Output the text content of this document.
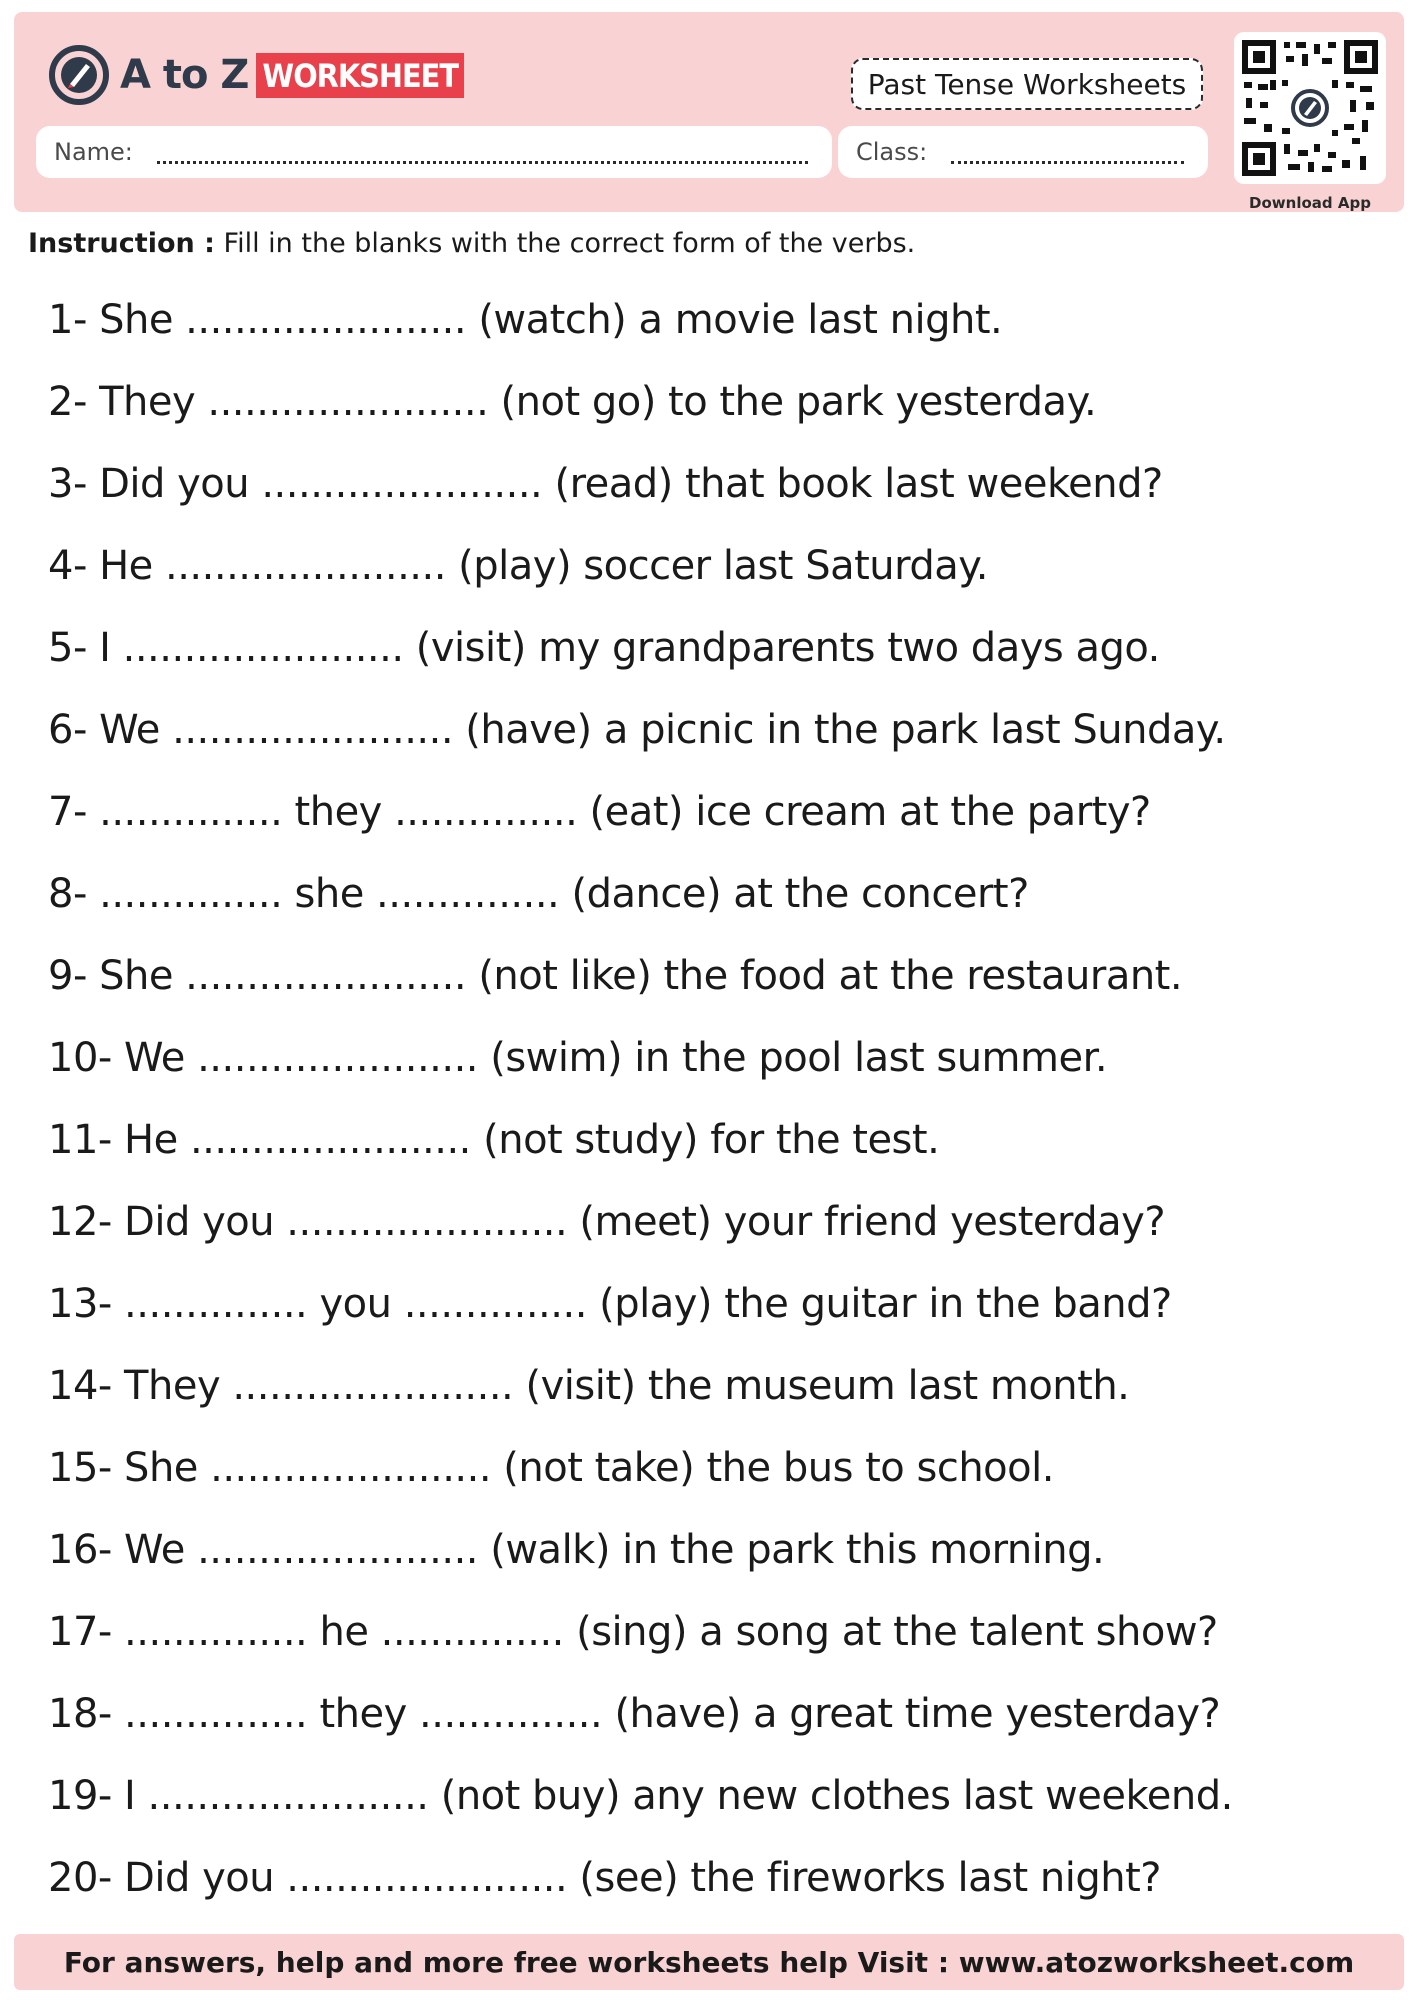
A to Z WORKSHEET	Past Tense Worksheets
Name:	Class:
Download App
Instruction : Fill in the blanks with the correct form of the verbs.
1- She ....................... (watch) a movie last night.
2- They ....................... (not go) to the park yesterday.
3- Did you ....................... (read) that book last weekend?
4- He ....................... (play) soccer last Saturday.
5- I ....................... (visit) my grandparents two days ago.
6- We ....................... (have) a picnic in the park last Sunday.
7- ............... they ............... (eat) ice cream at the party?
8- ............... she ............... (dance) at the concert?
9- She ....................... (not like) the food at the restaurant.
10- We ....................... (swim) in the pool last summer.
11- He ....................... (not study) for the test.
12- Did you ....................... (meet) your friend yesterday?
13- ............... you ............... (play) the guitar in the band?
14- They ....................... (visit) the museum last month.
15- She ....................... (not take) the bus to school.
16- We ....................... (walk) in the park this morning.
17- ............... he ............... (sing) a song at the talent show?
18- ............... they ............... (have) a great time yesterday?
19- I ....................... (not buy) any new clothes last weekend.
20- Did you ....................... (see) the fireworks last night?
For answers, help and more free worksheets help Visit : www.atozworksheet.com
